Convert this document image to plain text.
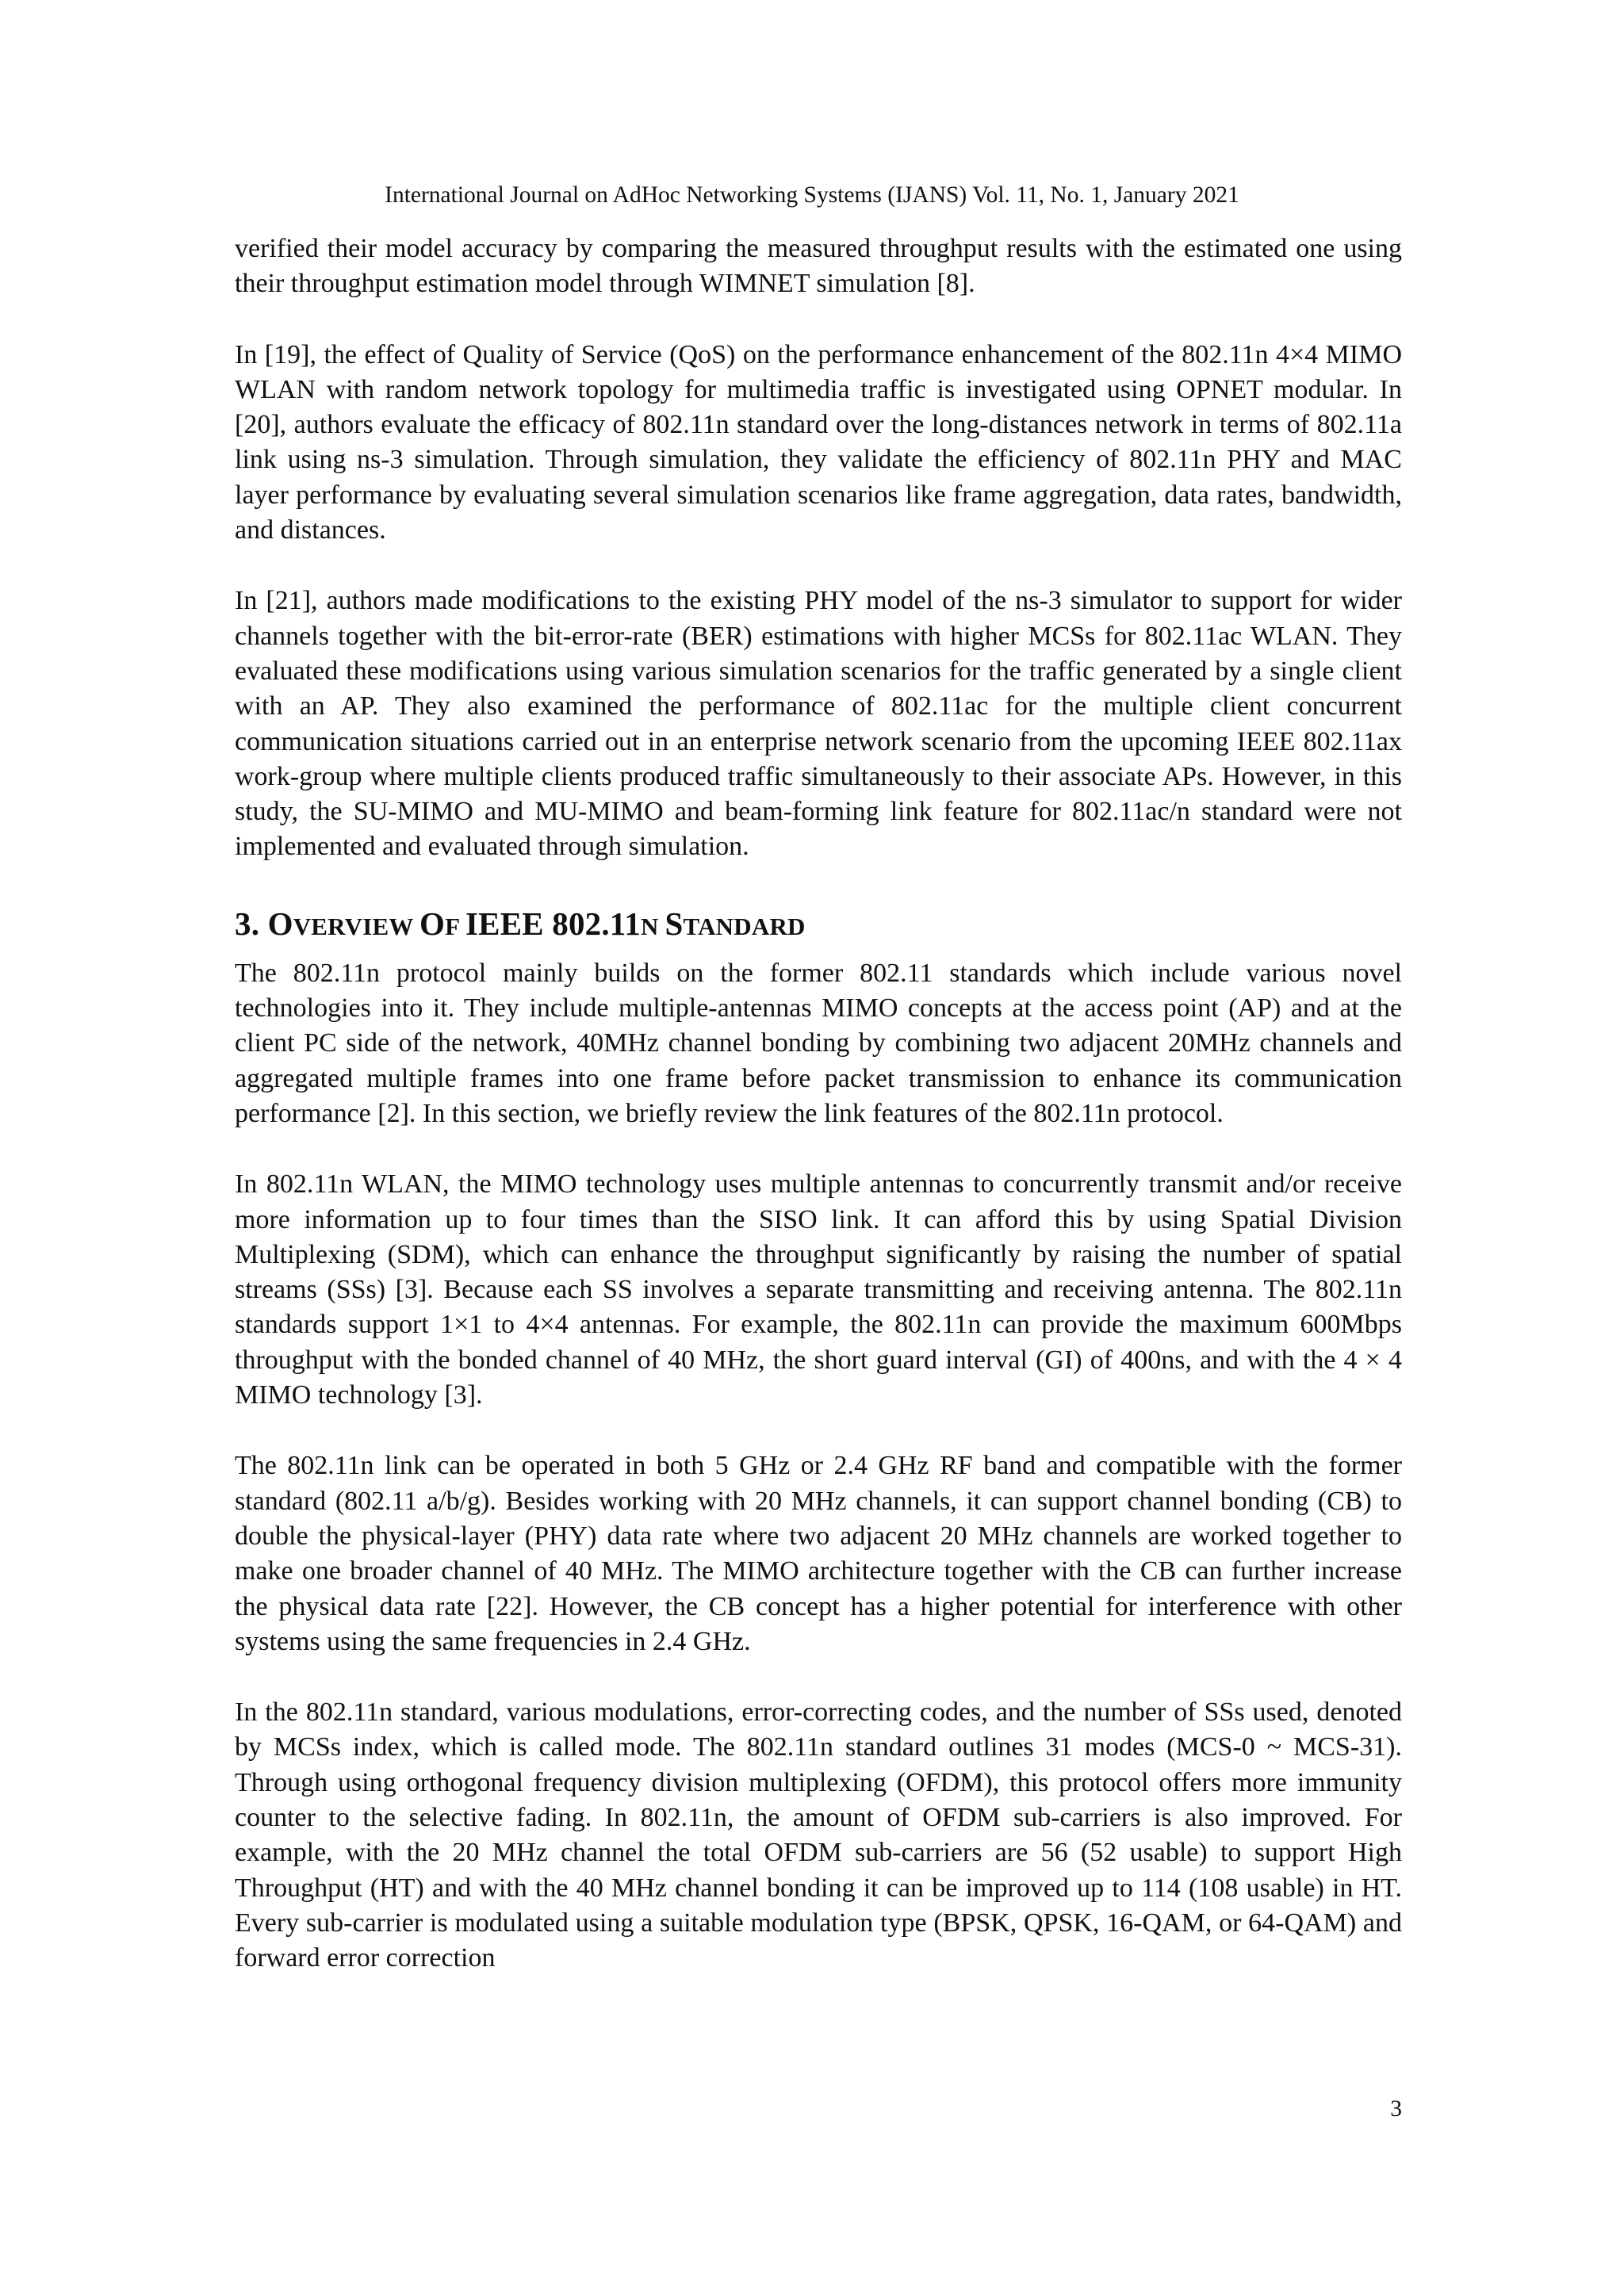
International Journal on AdHoc Networking Systems (IJANS) Vol. 11, No. 1, January 2021

verified their model accuracy by comparing the measured throughput results with the estimated one using their throughput estimation model through WIMNET simulation [8].

In [19], the effect of Quality of Service (QoS) on the performance enhancement of the 802.11n 4×4 MIMO WLAN with random network topology for multimedia traffic is investigated using OPNET modular. In [20], authors evaluate the efficacy of 802.11n standard over the long-distances network in terms of 802.11a link using ns-3 simulation. Through simulation, they validate the efficiency of 802.11n PHY and MAC layer performance by evaluating several simulation scenarios like frame aggregation, data rates, bandwidth, and distances.

In [21], authors made modifications to the existing PHY model of the ns-3 simulator to support for wider channels together with the bit-error-rate (BER) estimations with higher MCSs for 802.11ac WLAN. They evaluated these modifications using various simulation scenarios for the traffic generated by a single client with an AP. They also examined the performance of 802.11ac for the multiple client concurrent communication situations carried out in an enterprise network scenario from the upcoming IEEE 802.11ax work-group where multiple clients produced traffic simultaneously to their associate APs. However, in this study, the SU-MIMO and MU-MIMO and beam-forming link feature for 802.11ac/n standard were not implemented and evaluated through simulation.

3. OVERVIEW OF IEEE 802.11N STANDARD

The 802.11n protocol mainly builds on the former 802.11 standards which include various novel technologies into it. They include multiple-antennas MIMO concepts at the access point (AP) and at the client PC side of the network, 40MHz channel bonding by combining two adjacent 20MHz channels and aggregated multiple frames into one frame before packet transmission to enhance its communication performance [2]. In this section, we briefly review the link features of the 802.11n protocol.

In 802.11n WLAN, the MIMO technology uses multiple antennas to concurrently transmit and/or receive more information up to four times than the SISO link. It can afford this by using Spatial Division Multiplexing (SDM), which can enhance the throughput significantly by raising the number of spatial streams (SSs) [3]. Because each SS involves a separate transmitting and receiving antenna. The 802.11n standards support 1×1 to 4×4 antennas. For example, the 802.11n can provide the maximum 600Mbps throughput with the bonded channel of 40 MHz, the short guard interval (GI) of 400ns, and with the 4 × 4 MIMO technology [3].

The 802.11n link can be operated in both 5 GHz or 2.4 GHz RF band and compatible with the former standard (802.11 a/b/g). Besides working with 20 MHz channels, it can support channel bonding (CB) to double the physical-layer (PHY) data rate where two adjacent 20 MHz channels are worked together to make one broader channel of 40 MHz. The MIMO architecture together with the CB can further increase the physical data rate [22]. However, the CB concept has a higher potential for interference with other systems using the same frequencies in 2.4 GHz.

In the 802.11n standard, various modulations, error-correcting codes, and the number of SSs used, denoted by MCSs index, which is called mode. The 802.11n standard outlines 31 modes (MCS-0 ~ MCS-31). Through using orthogonal frequency division multiplexing (OFDM), this protocol offers more immunity counter to the selective fading. In 802.11n, the amount of OFDM sub-carriers is also improved. For example, with the 20 MHz channel the total OFDM sub-carriers are 56 (52 usable) to support High Throughput (HT) and with the 40 MHz channel bonding it can be improved up to 114 (108 usable) in HT. Every sub-carrier is modulated using a suitable modulation type (BPSK, QPSK, 16-QAM, or 64-QAM) and forward error correction

3
